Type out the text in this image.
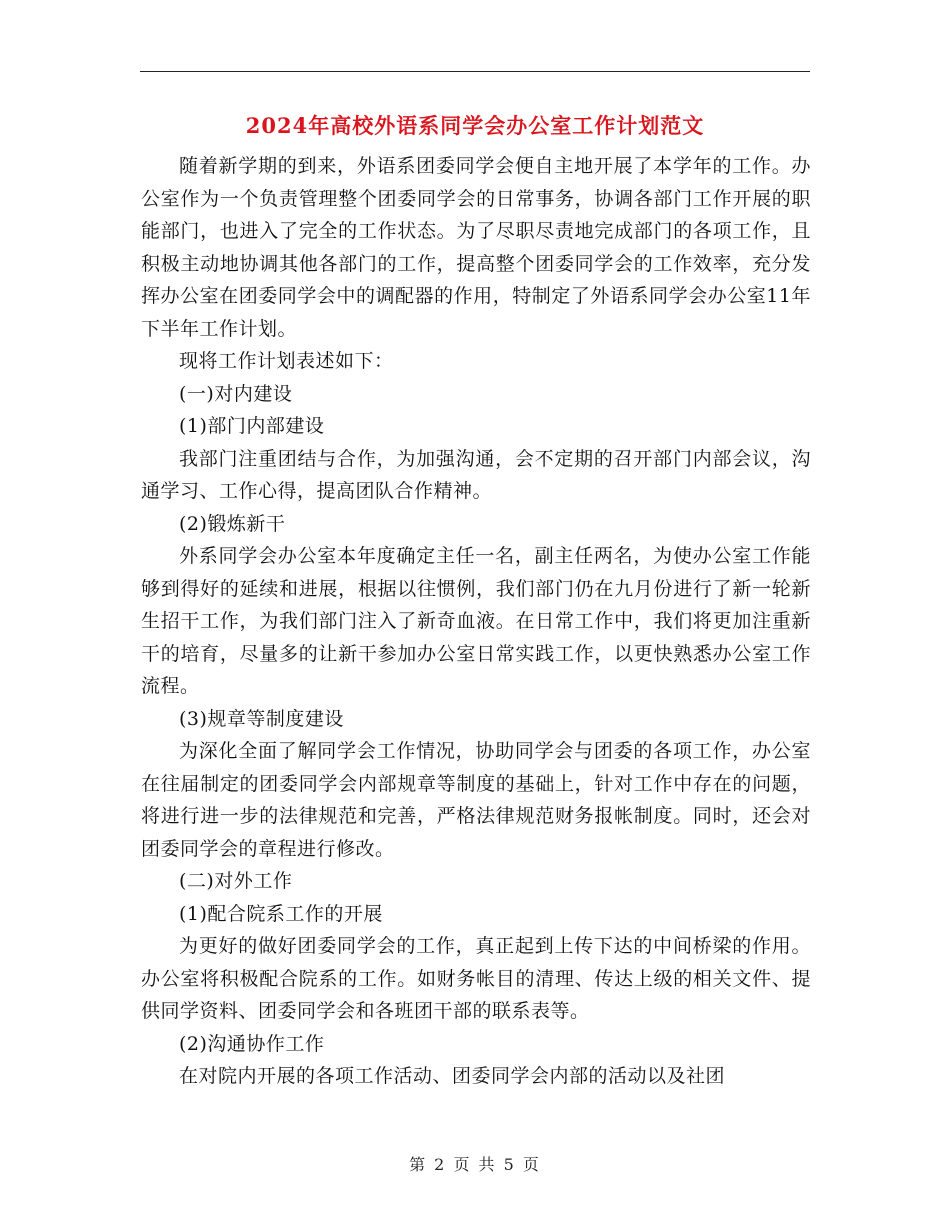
2024年高校外语系同学会办公室工作计划范文

随着新学期的到来，外语系团委同学会便自主地开展了本学年的工作。办公室作为一个负责管理整个团委同学会的日常事务，协调各部门工作开展的职能部门，也进入了完全的工作状态。为了尽职尽责地完成部门的各项工作，且积极主动地协调其他各部门的工作，提高整个团委同学会的工作效率，充分发挥办公室在团委同学会中的调配器的作用，特制定了外语系同学会办公室11年下半年工作计划。

现将工作计划表述如下：

(一)对内建设

(1)部门内部建设

我部门注重团结与合作，为加强沟通，会不定期的召开部门内部会议，沟通学习、工作心得，提高团队合作精神。

(2)锻炼新干

外系同学会办公室本年度确定主任一名，副主任两名，为使办公室工作能够到得好的延续和进展，根据以往惯例，我们部门仍在九月份进行了新一轮新生招干工作，为我们部门注入了新奇血液。在日常工作中，我们将更加注重新干的培育，尽量多的让新干参加办公室日常实践工作，以更快熟悉办公室工作流程。

(3)规章等制度建设

为深化全面了解同学会工作情况，协助同学会与团委的各项工作，办公室在往届制定的团委同学会内部规章等制度的基础上，针对工作中存在的问题，将进行进一步的法律规范和完善，严格法律规范财务报帐制度。同时，还会对团委同学会的章程进行修改。

(二)对外工作

(1)配合院系工作的开展

为更好的做好团委同学会的工作，真正起到上传下达的中间桥梁的作用。办公室将积极配合院系的工作。如财务帐目的清理、传达上级的相关文件、提供同学资料、团委同学会和各班团干部的联系表等。

(2)沟通协作工作

在对院内开展的各项工作活动、团委同学会内部的活动以及社团

第 2 页 共 5 页
